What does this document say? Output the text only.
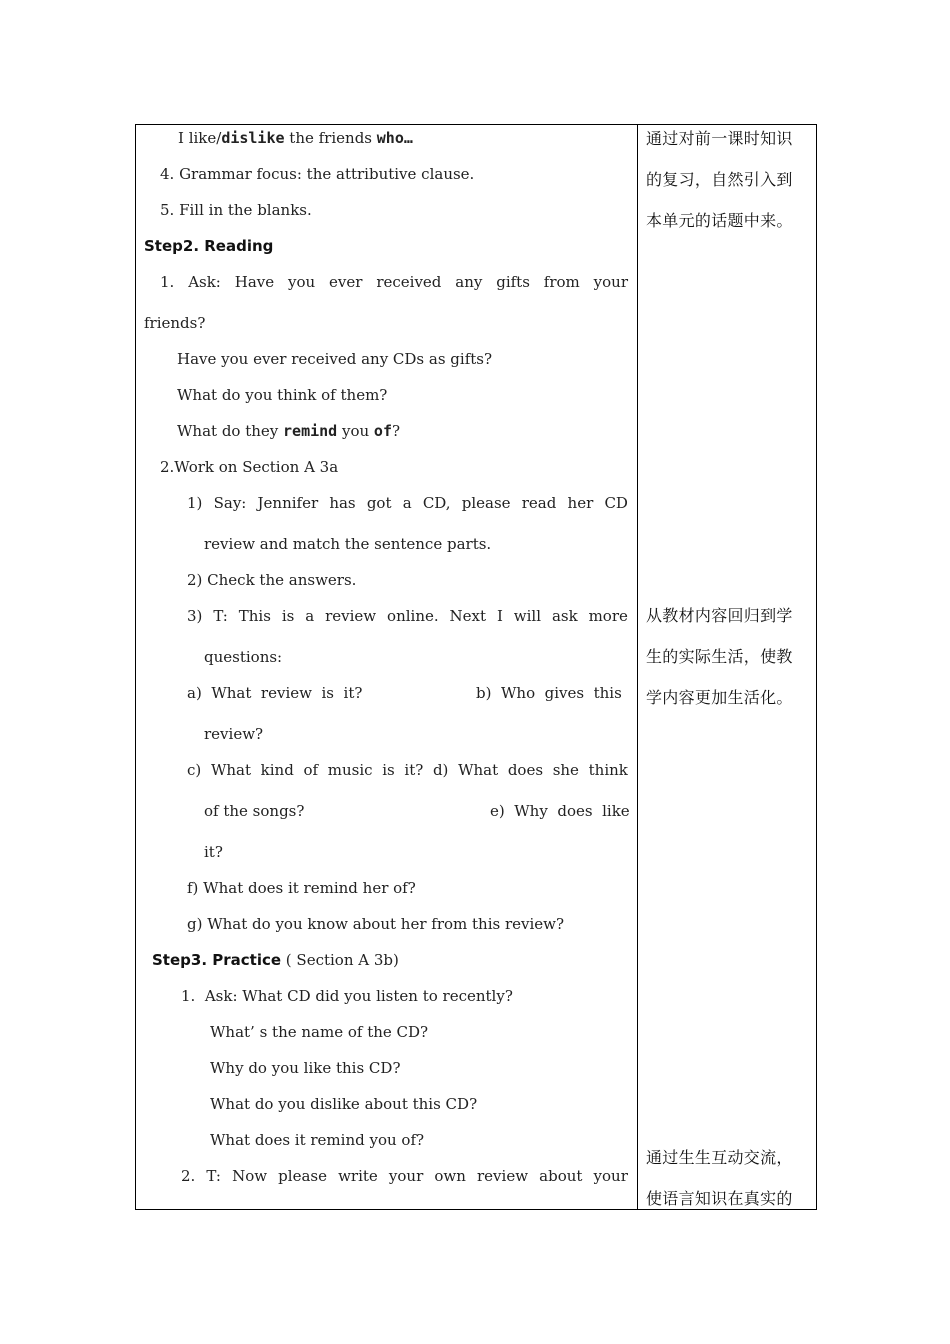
I like/dislike the friends who…
4. Grammar focus: the attributive clause.
5. Fill in the blanks.
Step2. Reading
1. Ask: Have you ever received any gifts from your
friends?
Have you ever received any CDs as gifts?
What do you think of them?
What do they remind you of?
2.Work on Section A 3a
1) Say: Jennifer has got a CD, please read her CD
review and match the sentence parts.
2) Check the answers.
3) T: This is a review online. Next I will ask more
questions:
a)  What  review  is  it?	b)  Who  gives  this
review?
c) What kind of music is it? d) What does she think
of the songs?	e)  Why  does  like
it?
f) What does it remind her of?
g) What do you know about her from this review?
Step3. Practice ( Section A 3b)
1.  Ask: What CD did you listen to recently?
What’ s the name of the CD?
Why do you like this CD?
What do you dislike about this CD?
What does it remind you of?
2. T: Now please write your own review about your
通过对前一课时知识
的复习，自然引入到
本单元的话题中来。
从教材内容回归到学
生的实际生活，使教
学内容更加生活化。
通过生生互动交流，
使语言知识在真实的
